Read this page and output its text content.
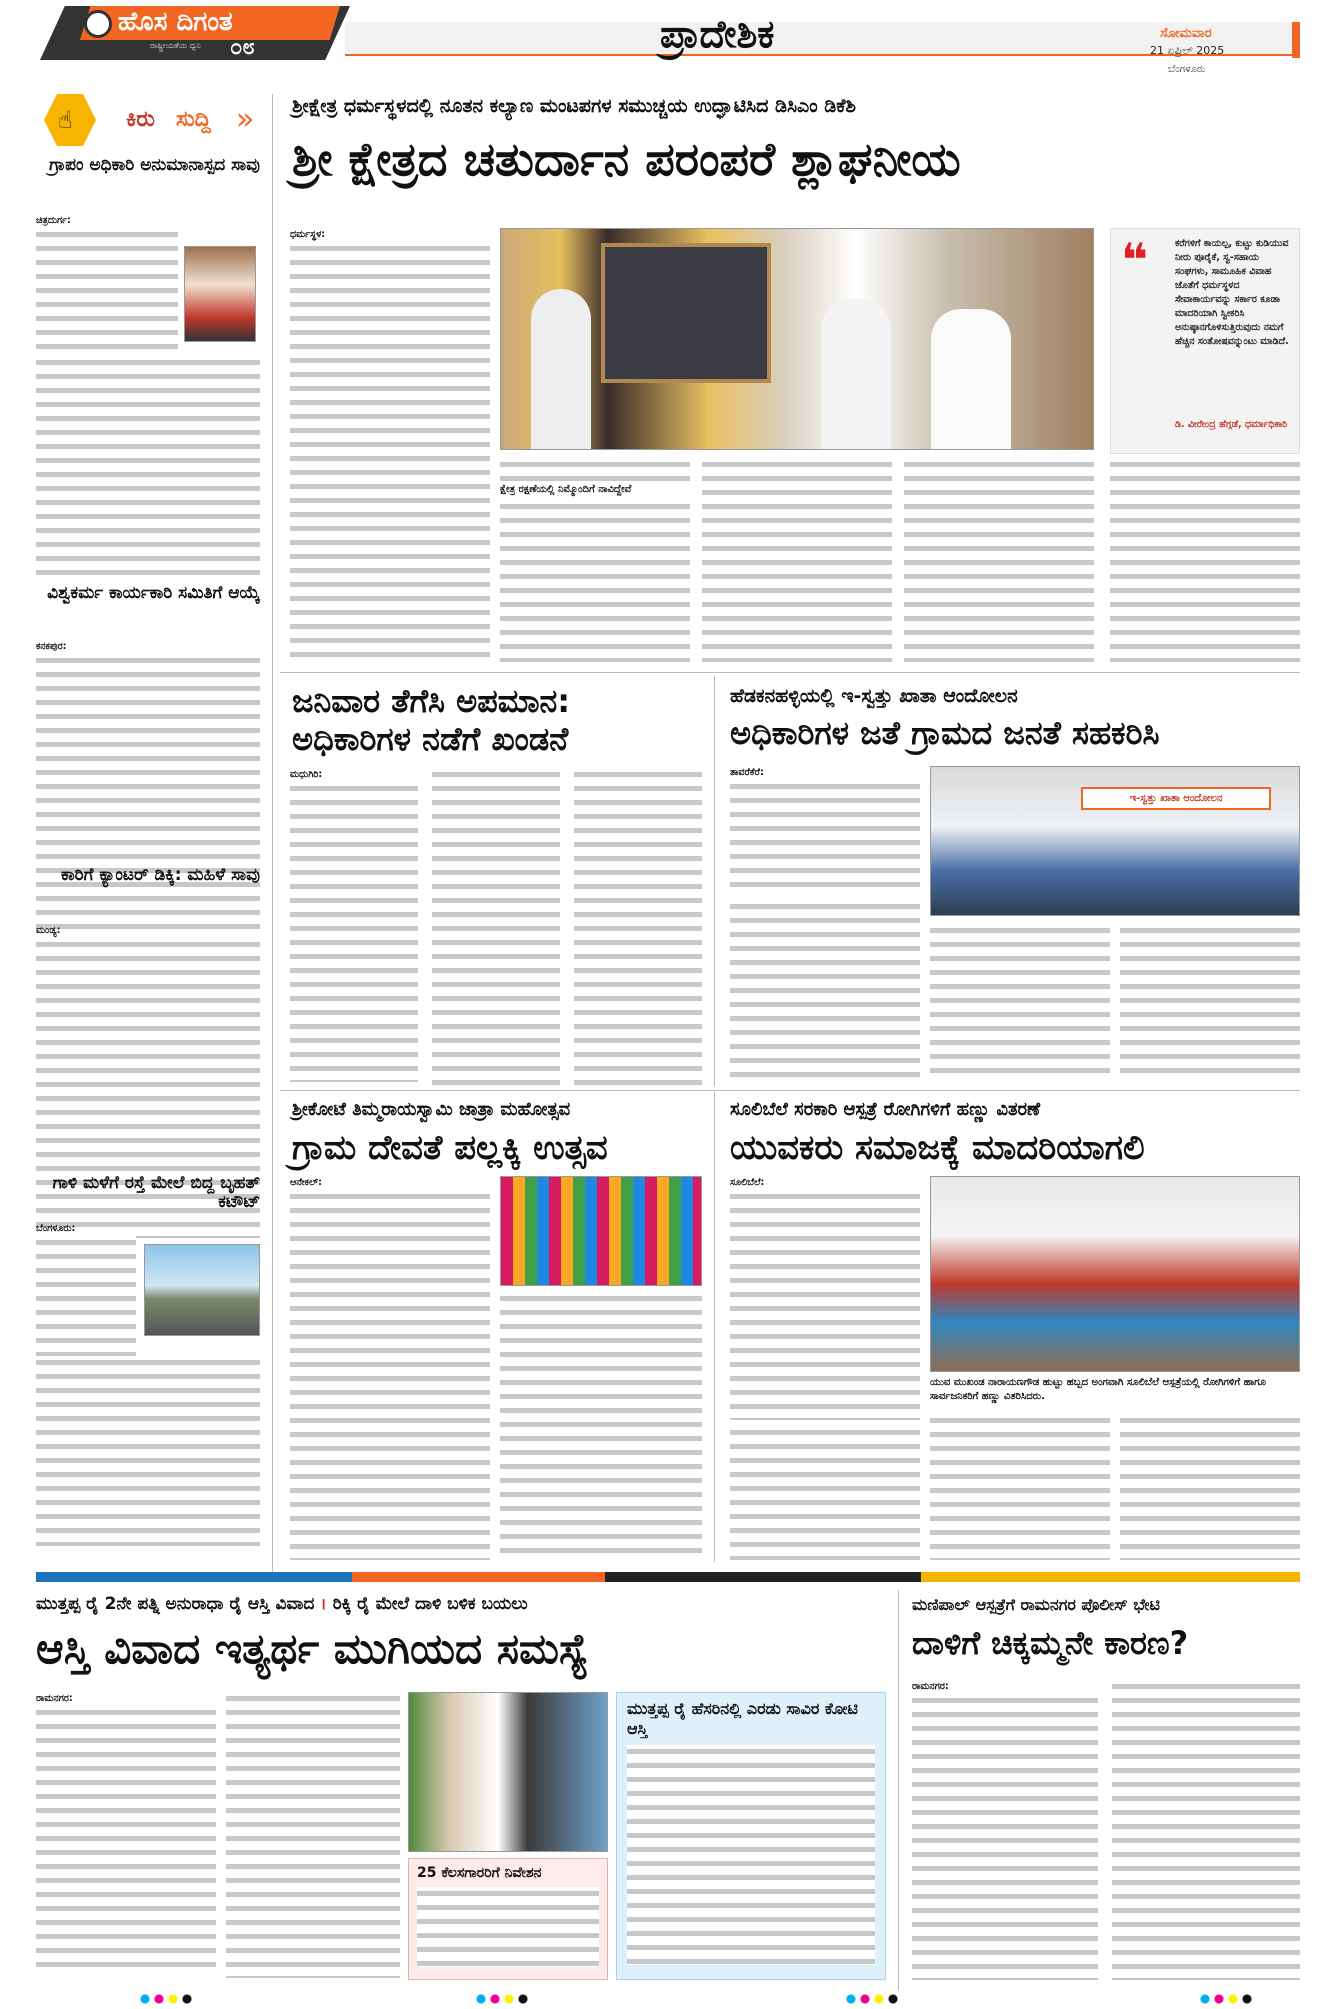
ಹೊಸ ದಿಗಂತ
ರಾಷ್ಟ್ರೀಯತೆಯ ಧ್ವನಿ ೦೮	ಪ್ರಾದೇಶಿಕ	ಸೋಮವಾರ
21 ಏಪ್ರಿಲ್ 2025
ಬೆಂಗಳೂರು
☝ ಕಿರು ಸುದ್ದಿ »
ಗ್ರಾಪಂ ಅಧಿಕಾರಿ ಅನುಮಾನಾಸ್ಪದ ಸಾವು
ಚಿತ್ರದುರ್ಗ:
ವಿಶ್ವಕರ್ಮ ಕಾರ್ಯಕಾರಿ ಸಮಿತಿಗೆ ಆಯ್ಕೆ
ಕನಕಪುರ:
ಕಾರಿಗೆ ಕ್ಯಾಂಟರ್ ಡಿಕ್ಕಿ: ಮಹಿಳೆ ಸಾವು
ಮಂಡ್ಯ:
ಗಾಳಿ ಮಳೆಗೆ ರಸ್ತೆ ಮೇಲೆ ಬಿದ್ದ ಬೃಹತ್ ಕಟೌಟ್
ಬೆಂಗಳೂರು:
ಶ್ರೀಕ್ಷೇತ್ರ ಧರ್ಮಸ್ಥಳದಲ್ಲಿ ನೂತನ ಕಲ್ಯಾಣ ಮಂಟಪಗಳ ಸಮುಚ್ಚಯ ಉದ್ಘಾಟಿಸಿದ ಡಿಸಿಎಂ ಡಿಕೆಶಿ
ಶ್ರೀ ಕ್ಷೇತ್ರದ ಚತುರ್ದಾನ ಪರಂಪರೆ ಶ್ಲಾಘನೀಯ
ಧರ್ಮಸ್ಥಳ:	❝	ಕರೆಗಳಿಗೆ ಕಾಯಲ್ಪ, ಕುಟ್ಟು ಕುಡಿಯುವ ನೀರು ಪೂರೈಕೆ, ಸ್ವ-ಸಹಾಯ ಸಂಘಗಳು, ಸಾಮೂಹಿಕ ವಿವಾಹ ಜೊತೆಗೆ ಧರ್ಮಸ್ಥಳದ ಸೇವಾಕಾರ್ಯವನ್ನು ಸರ್ಕಾರ ಕೂಡಾ ಮಾದರಿಯಾಗಿ ಸ್ವೀಕರಿಸಿ ಅನುಷ್ಠಾನಗೊಳಿಸುತ್ತಿರುವುದು ನಮಗೆ ಹೆಚ್ಚಿನ ಸಂತೋಷವನ್ನುಂಟು ಮಾಡಿದೆ.
ಡಿ. ವೀರೇಂದ್ರ ಹೆಗ್ಗಡೆ, ಧರ್ಮಾಧಿಕಾರಿ
ಕ್ಷೇತ್ರ ರಕ್ಷಣೆಯಲ್ಲಿ ನಿಮ್ಮೊಂದಿಗೆ ನಾವಿದ್ದೇವೆ
ಜನಿವಾರ ತೆಗೆಸಿ ಅಪಮಾನ:
ಅಧಿಕಾರಿಗಳ ನಡೆಗೆ ಖಂಡನೆ
ಮಧುಗಿರಿ:
ಹೆಡಕನಹಳ್ಳಿಯಲ್ಲಿ ಇ-ಸ್ವತ್ತು ಖಾತಾ ಆಂದೋಲನ
ಅಧಿಕಾರಿಗಳ ಜತೆ ಗ್ರಾಮದ ಜನತೆ ಸಹಕರಿಸಿ
ತಾವರೆಕೆರೆ:
ಇ-ಸ್ವತ್ತು ಖಾತಾ ಆಂದೋಲನ
ಶ್ರೀಕೋಟೆ ತಿಮ್ಮರಾಯಸ್ವಾಮಿ ಜಾತ್ರಾ ಮಹೋತ್ಸವ
ಗ್ರಾಮ ದೇವತೆ ಪಲ್ಲಕ್ಕಿ ಉತ್ಸವ
ಆನೇಕಲ್:
ಸೂಲಿಬೆಲೆ ಸರಕಾರಿ ಆಸ್ಪತ್ರೆ ರೋಗಿಗಳಿಗೆ ಹಣ್ಣು ವಿತರಣೆ
ಯುವಕರು ಸಮಾಜಕ್ಕೆ ಮಾದರಿಯಾಗಲಿ
ಸೂಲಿಬೆಲೆ:
ಯುವ ಮುಖಂಡ ನಾರಾಯಣಗೌಡ ಹುಟ್ಟು ಹಬ್ಬದ ಅಂಗವಾಗಿ ಸೂಲಿಬೆಲೆ ಆಸ್ಪತ್ರೆಯಲ್ಲಿ ರೋಗಿಗಳಿಗೆ ಹಾಗೂ ಸಾರ್ವಜನಿಕರಿಗೆ ಹಣ್ಣು ವಿತರಿಸಿದರು.
ಮುತ್ತಪ್ಪ ರೈ 2ನೇ ಪತ್ನಿ ಅನುರಾಧಾ ರೈ ಆಸ್ತಿ ವಿವಾದ । ರಿಕ್ಕಿ ರೈ ಮೇಲೆ ದಾಳಿ ಬಳಿಕ ಬಯಲು
ಆಸ್ತಿ ವಿವಾದ ಇತ್ಯರ್ಥ ಮುಗಿಯದ ಸಮಸ್ಯೆ
ರಾಮನಗರ:
25 ಕೆಲಸಗಾರರಿಗೆ ನಿವೇಶನ
ಮುತ್ತಪ್ಪ ರೈ ಹೆಸರಿನಲ್ಲಿ ಎರಡು ಸಾವಿರ ಕೋಟಿ ಆಸ್ತಿ
ಮಣಿಪಾಲ್ ಆಸ್ಪತ್ರೆಗೆ ರಾಮನಗರ ಪೊಲೀಸ್ ಭೇಟಿ
ದಾಳಿಗೆ ಚಿಕ್ಕಮ್ಮನೇ ಕಾರಣ?
ರಾಮನಗರ:
